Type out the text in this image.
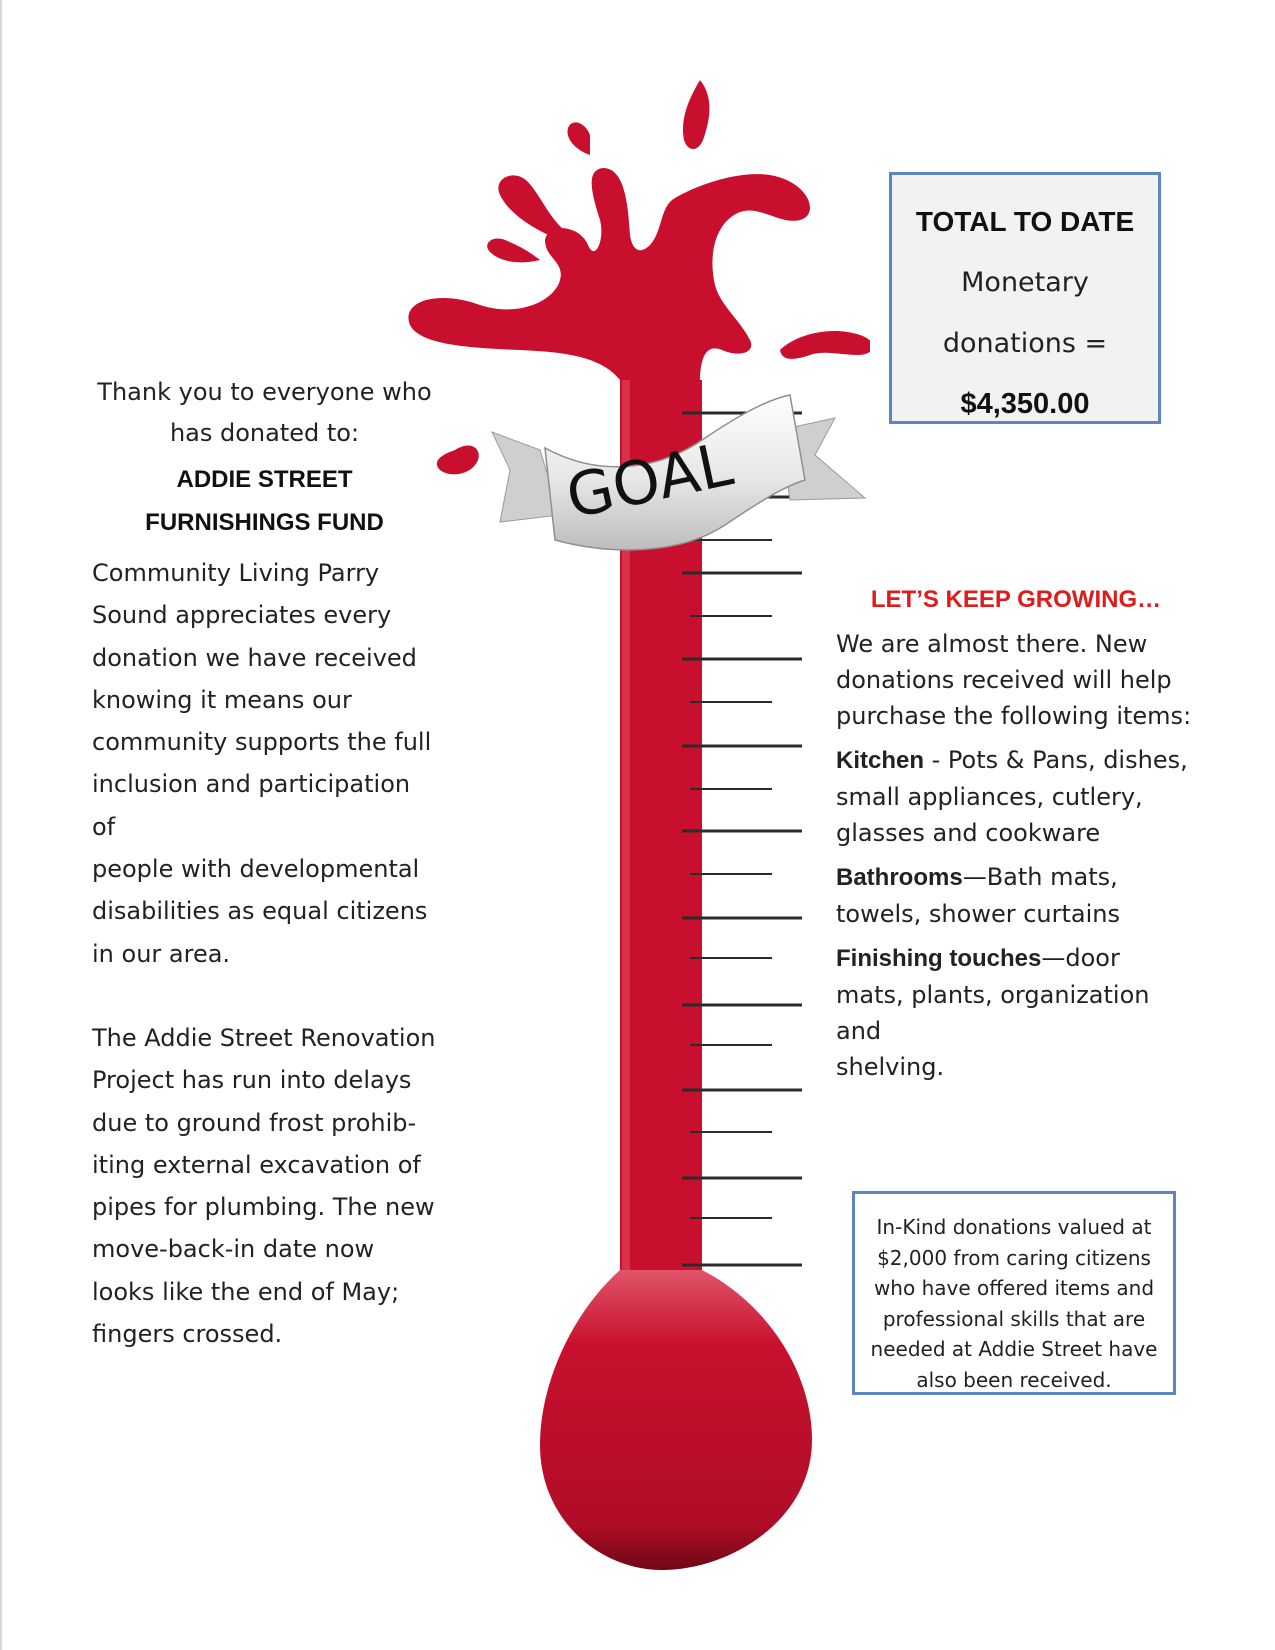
Thank you to everyone who has donated to:
ADDIE STREET FURNISHINGS FUND
Community Living Parry
Sound appreciates every
donation we have received
knowing it means our
community supports the full
inclusion and participation of
people with developmental
disabilities as equal citizens
in our area.
The Addie Street Renovation
Project has run into delays
due to ground frost prohib-
iting external excavation of
pipes for plumbing. The new
move-back-in date now
looks like the end of May;
fingers crossed.
GOAL
TOTAL TO DATE
Monetary
donations =
$4,350.00
LET’S KEEP GROWING…
We are almost there. New
donations received will help
purchase the following items:
Kitchen - Pots & Pans, dishes,
small appliances, cutlery,
glasses and cookware
Bathrooms—Bath mats,
towels, shower curtains
Finishing touches—door
mats, plants, organization and
shelving.
In-Kind donations valued at
$2,000 from caring citizens
who have offered items and
professional skills that are
needed at Addie Street have
also been received.
